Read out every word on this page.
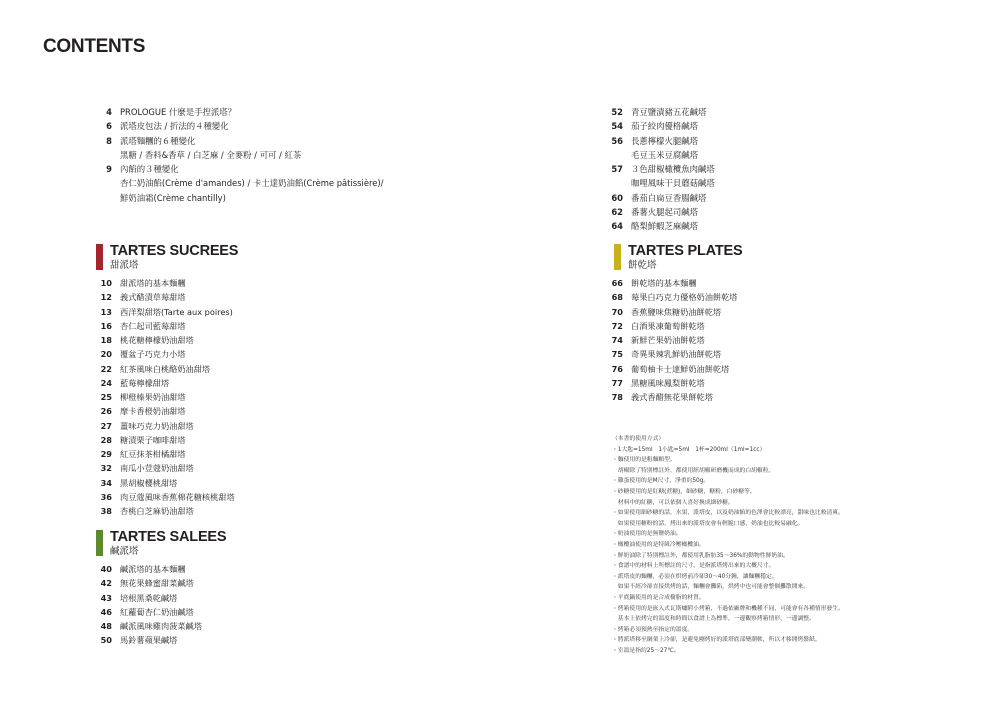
CONTENTS
4 PROLOGUE 什麼是手揑派塔？
6 派塔皮包法 / 折法的４種變化
8 派塔麵糰的６種變化
黑糖 / 香料&香草 / 白芝麻 / 全麥粉 / 可可 / 紅茶
9 內餡的３種變化
杏仁奶油餡(Crème d'amandes) / 卡士達奶油餡(Crème pâtissière)/
鮮奶油霜(Crème chantilly)
52 青豆鹽漬豬五花鹹塔
54 茄子絞肉優格鹹塔
56 長蔥檸檬火腿鹹塔
毛豆玉米豆腐鹹塔
57 ３色甜椒橄欖魚肉鹹塔
咖哩風味干貝蘑菇鹹塔
60 番茄白扁豆香腸鹹塔
62 番薯火腿起司鹹塔
64 酪梨鮮蝦芝麻鹹塔

TARTES SUCREES

甜派塔

10 甜派塔的基本麵糰
12 義式醋漬草莓甜塔
13 西洋梨甜塔(Tarte aux poires)
16 杏仁起司藍莓甜塔
18 桃花糖檸檬奶油甜塔
20 覆盆子巧克力小塔
22 紅茶風味白桃酪奶油甜塔
24 藍莓檸檬甜塔
25 柳橙榛果奶油甜塔
26 摩卡香橙奶油甜塔
27 薑味巧克力奶油甜塔
28 糖漬栗子咖啡甜塔
29 紅豆抹茶柑橘甜塔
32 南瓜小荳蔻奶油甜塔
34 黑胡椒櫻桃甜塔
36 肉豆蔻風味香蕉棉花糖核桃甜塔
38 杏桃白芝麻奶油甜塔

TARTES SALEES

鹹派塔

40 鹹派塔的基本麵糰
42 無花果蜂蜜甜菜鹹塔
43 培根黑桑乾鹹塔
46 紅蘿蔔杏仁奶油鹹塔
48 鹹派風味雞肉菠菜鹹塔
50 馬鈴薯蘋果鹹塔

TARTES PLATES

餅乾塔

66 餅乾塔的基本麵糰
68 莓果白巧克力優格奶油餅乾塔
70 香蕉鹽味焦糖奶油餅乾塔
72 白酒果凍葡萄餅乾塔
74 新鮮芒果奶油餅乾塔
75 奇異果辣乳鮮奶油餅乾塔
76 葡萄柚卡士達鮮奶油餅乾塔
77 黑糖風味鳳梨餅乾塔
78 義式香醋無花果餅乾塔
（本書的使用方式）
・1大匙=15ml　1小匙=5ml　1杯=200ml（1ml=1cc）
・麵使用的是粗麵顆型。
　胡椒除了特別標註外，都使用經胡椒研磨機而成的白胡椒粒。
・雞蛋使用的是M尺寸，淨重約50g。
・砂糖使用的是紅糖(蔗糖)，細砂糖，糖粉，白砂糖等。
　材料中的紅糖，可以依個人喜好換成細砂糖。
・如果使用細砂糖的話，水果，派塔皮，以及奶油餡的色澤會比較漂亮，甜味也比較清爽。
　如果使用糖粉的話，烤出來的派塔皮會有輕脆口感，奶油也比較易融化。
・奶油使用的是無鹽奶油。
・橄欖油使用的是特級冷壓橄欖油。
・鮮奶油除了特別標註外，都使用乳脂肪35～36%的動物性鮮奶油。
・食譜中的材料上所標註的尺寸，是指派塔烤出來的大概尺寸。
・派塔皮的麵糰，必須在烘烤前冷卻30～40分鐘，讓麵糰穩定。
　如果不經冷卻直接烘烤的話，麵糰會攤陷，烘烤中也可能會整個攤散開來。
・平底鍋使用的是合成樹脂的材質。
・烤箱使用的是嵌入式瓦斯爐附小烤箱，不過依廠牌和機種不同，可能會有各種情形發生。
　基本上依烤完的溫度和時間以食譜上為標準，一邊觀察烤箱情形，一邊調整。
・烤箱必須預熱至指定的溫度。
・將派塔移至網架上冷卻，是避免剛烤好的派塔底部變潮軟，所以才移開烤盤紙。
・室溫是指約25～27℃。
